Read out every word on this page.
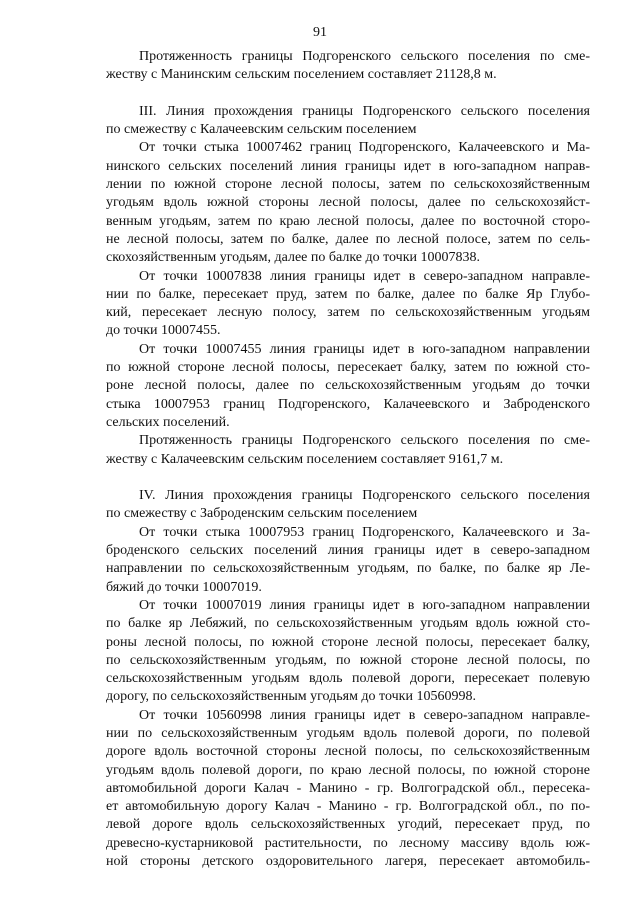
91
Протяженность границы Подгоренского сельского поселения по сме-
жеству с Манинским сельским поселением составляет 21128,8 м.
III. Линия прохождения границы Подгоренского сельского поселения
по смежеству с Калачеевским сельским поселением
От точки стыка 10007462 границ Подгоренского, Калачеевского и Ма-
нинского сельских поселений линия границы идет в юго-западном направ-
лении по южной стороне лесной полосы, затем по сельскохозяйственным
угодьям вдоль южной стороны лесной полосы, далее по сельскохозяйст-
венным угодьям, затем по краю лесной полосы, далее по восточной сторо-
не лесной полосы, затем по балке, далее по лесной полосе, затем по сель-
скохозяйственным угодьям, далее по балке до точки 10007838.
От точки 10007838 линия границы идет в северо-западном направле-
нии по балке, пересекает пруд, затем по балке, далее по балке Яр Глубо-
кий, пересекает лесную полосу, затем по сельскохозяйственным угодьям
до точки 10007455.
От точки 10007455 линия границы идет в юго-западном направлении
по южной стороне лесной полосы, пересекает балку, затем по южной сто-
роне лесной полосы, далее по сельскохозяйственным угодьям до точки
стыка 10007953 границ Подгоренского, Калачеевского и Заброденского
сельских поселений.
Протяженность границы Подгоренского сельского поселения по сме-
жеству с Калачеевским сельским поселением составляет 9161,7 м.
IV. Линия прохождения границы Подгоренского сельского поселения
по смежеству с Заброденским сельским поселением
От точки стыка 10007953 границ Подгоренского, Калачеевского и За-
броденского сельских поселений линия границы идет в северо-западном
направлении по сельскохозяйственным угодьям, по балке, по балке яр Ле-
бяжий до точки 10007019.
От точки 10007019 линия границы идет в юго-западном направлении
по балке яр Лебяжий, по сельскохозяйственным угодьям вдоль южной сто-
роны лесной полосы, по южной стороне лесной полосы, пересекает балку,
по сельскохозяйственным угодьям, по южной стороне лесной полосы, по
сельскохозяйственным угодьям вдоль полевой дороги, пересекает полевую
дорогу, по сельскохозяйственным угодьям до точки 10560998.
От точки 10560998 линия границы идет в северо-западном направле-
нии по сельскохозяйственным угодьям вдоль полевой дороги, по полевой
дороге вдоль восточной стороны лесной полосы, по сельскохозяйственным
угодьям вдоль полевой дороги, по краю лесной полосы, по южной стороне
автомобильной дороги Калач - Манино - гр. Волгоградской обл., пересека-
ет автомобильную дорогу Калач - Манино - гр. Волгоградской обл., по по-
левой дороге вдоль сельскохозяйственных угодий, пересекает пруд, по
древесно-кустарниковой растительности, по лесному массиву вдоль юж-
ной стороны детского оздоровительного лагеря, пересекает автомобиль-
